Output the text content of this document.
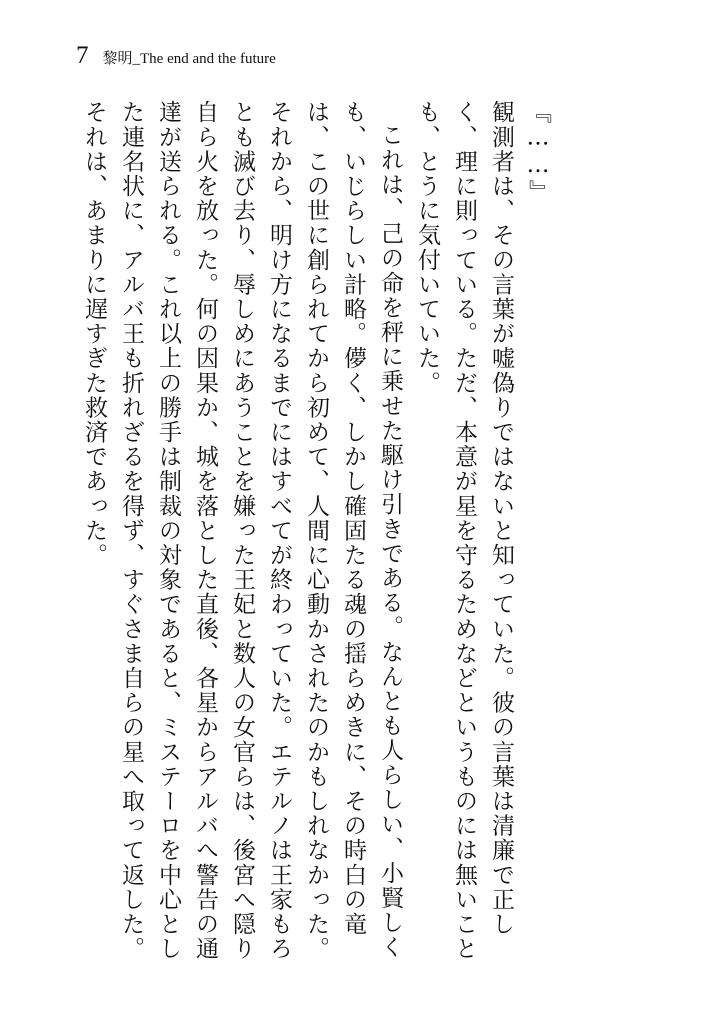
7 黎明_The end and the future

『……』

観測者は、その言葉が嘘偽りではないと知っていた。彼の言葉は清廉で正しく、理に則っている。ただ、本意が星を守るためなどというものには無いことも、とうに気付いていた。

これは、己の命を秤に乗せた駆け引きである。なんとも人らしい、小賢しくも、いじらしい計略。儚く、しかし確固たる魂の揺らめきに、その時白の竜は、この世に創られてから初めて、人間に心動かされたのかもしれなかった。

それから、明け方になるまでにはすべてが終わっていた。エテルノは王家もろとも滅び去り、辱しめにあうことを嫌った王妃と数人の女官らは、後宮へ隠り自ら火を放った。何の因果か、城を落とした直後、各星からアルバへ警告の通達が送られる。これ以上の勝手は制裁の対象であると、ミステーロを中心とした連名状に、アルバ王も折れざるを得ず、すぐさま自らの星へ取って返した。

それは、あまりに遅すぎた救済であった。
